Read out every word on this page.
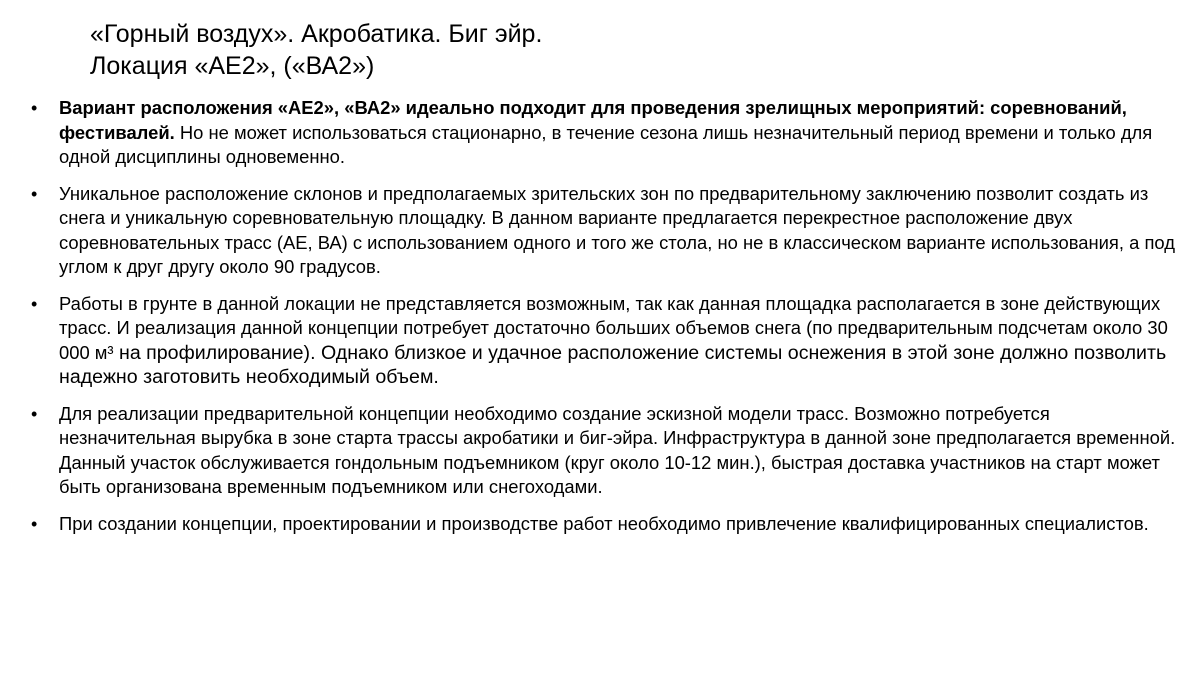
«Горный воздух». Акробатика. Биг эйр.
Локация «АЕ2», («ВА2»)
• Вариант расположения «АЕ2», «ВА2» идеально подходит для проведения зрелищных мероприятий: соревнований, фестивалей. Но не может использоваться стационарно, в течение сезона лишь незначительный период времени и только для одной дисциплины одновеменно.
• Уникальное расположение склонов и предполагаемых зрительских зон по предварительному заключению позволит создать из снега и уникальную соревновательную площадку. В данном варианте предлагается перекрестное расположение двух соревновательных трасс (АЕ, ВА) с использованием одного и того же стола, но не в классическом варианте использования, а под углом к друг другу около 90 градусов.
• Работы в грунте в данной локации не представляется возможным, так как данная площадка располагается в зоне действующих трасс. И реализация данной концепции потребует достаточно больших объемов снега (по предварительным подсчетам около 30 000 м³ на профилирование). Однако близкое и удачное расположение системы оснежения в этой зоне должно позволить надежно заготовить необходимый объем.
• Для реализации предварительной концепции необходимо создание эскизной модели трасс. Возможно потребуется незначительная вырубка в зоне старта трассы акробатики и биг-эйра. Инфраструктура в данной зоне предполагается временной. Данный участок обслуживается гондольным подъемником (круг около 10-12 мин.), быстрая доставка участников на старт может быть организована временным подъемником или снегоходами.
• При создании концепции, проектировании и производстве работ необходимо привлечение квалифицированных специалистов.
